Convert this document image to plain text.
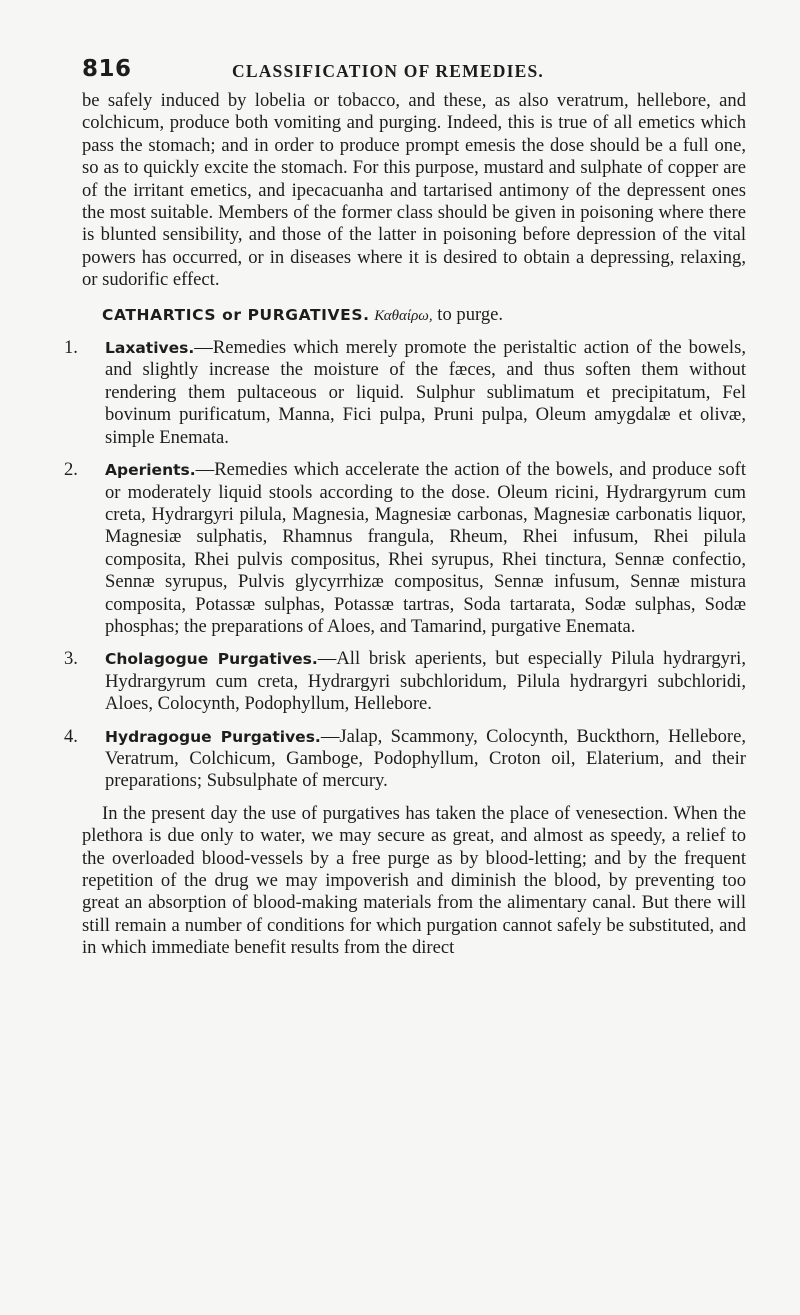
816	CLASSIFICATION OF REMEDIES.

be safely induced by lobelia or tobacco, and these, as also veratrum, hellebore, and colchicum, produce both vomiting and purging. Indeed, this is true of all emetics which pass the stomach; and in order to produce prompt emesis the dose should be a full one, so as to quickly excite the stomach. For this purpose, mustard and sulphate of copper are of the irritant emetics, and ipecacuanha and tartarised antimony of the depressent ones the most suitable. Members of the former class should be given in poisoning where there is blunted sensibility, and those of the latter in poisoning before depression of the vital powers has occurred, or in diseases where it is desired to obtain a depressing, relaxing, or sudorific effect.

CATHARTICS or PURGATIVES. Καθαίρω, to purge.

1. Laxatives.—Remedies which merely promote the peristaltic action of the bowels, and slightly increase the moisture of the fæces, and thus soften them without rendering them pultaceous or liquid. Sulphur sublimatum et precipitatum, Fel bovinum purificatum, Manna, Fici pulpa, Pruni pulpa, Oleum amygdalæ et olivæ, simple Enemata.
2. Aperients.—Remedies which accelerate the action of the bowels, and produce soft or moderately liquid stools according to the dose. Oleum ricini, Hydrargyrum cum creta, Hydrargyri pilula, Magnesia, Magnesiæ carbonas, Magnesiæ carbonatis liquor, Magnesiæ sulphatis, Rhamnus frangula, Rheum, Rhei infusum, Rhei pilula composita, Rhei pulvis compositus, Rhei syrupus, Rhei tinctura, Sennæ confectio, Sennæ syrupus, Pulvis glycyrrhizæ compositus, Sennæ infusum, Sennæ mistura composita, Potassæ sulphas, Potassæ tartras, Soda tartarata, Sodæ sulphas, Sodæ phosphas; the preparations of Aloes, and Tamarind, purgative Enemata.
3. Cholagogue Purgatives.—All brisk aperients, but especially Pilula hydrargyri, Hydrargyrum cum creta, Hydrargyri subchloridum, Pilula hydrargyri subchloridi, Aloes, Colocynth, Podophyllum, Hellebore.
4. Hydragogue Purgatives.—Jalap, Scammony, Colocynth, Buckthorn, Hellebore, Veratrum, Colchicum, Gamboge, Podophyllum, Croton oil, Elaterium, and their preparations; Subsulphate of mercury.

In the present day the use of purgatives has taken the place of venesection. When the plethora is due only to water, we may secure as great, and almost as speedy, a relief to the overloaded blood-vessels by a free purge as by blood-letting; and by the frequent repetition of the drug we may impoverish and diminish the blood, by preventing too great an absorption of blood-making materials from the alimentary canal. But there will still remain a number of conditions for which purgation cannot safely be substituted, and in which immediate benefit results from the direct
